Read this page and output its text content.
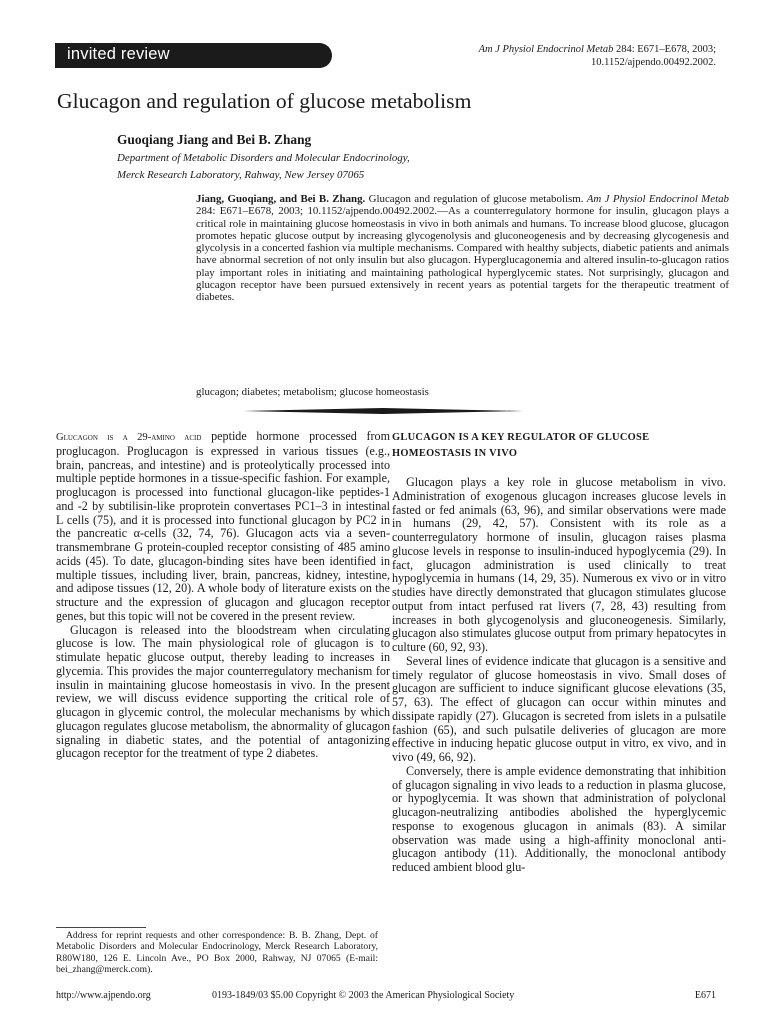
invited review	Am J Physiol Endocrinol Metab 284: E671–E678, 2003;
10.1152/ajpendo.00492.2002.
Glucagon and regulation of glucose metabolism
Guoqiang Jiang and Bei B. Zhang
Department of Metabolic Disorders and Molecular Endocrinology,
Merck Research Laboratory, Rahway, New Jersey 07065
Jiang, Guoqiang, and Bei B. Zhang. Glucagon and regulation of glucose metabolism. Am J Physiol Endocrinol Metab 284: E671–E678, 2003; 10.1152/ajpendo.00492.2002.—As a counterregulatory hormone for insulin, glucagon plays a critical role in maintaining glucose homeostasis in vivo in both animals and humans. To increase blood glucose, glucagon promotes hepatic glucose output by increasing glycogenolysis and gluconeogenesis and by decreasing glycogenesis and glycolysis in a concerted fashion via multiple mechanisms. Compared with healthy subjects, diabetic patients and animals have abnormal secretion of not only insulin but also glucagon. Hyperglucagonemia and altered insulin-to-glucagon ratios play important roles in initiating and maintaining pathological hyperglycemic states. Not surprisingly, glucagon and glucagon receptor have been pursued extensively in recent years as potential targets for the therapeutic treatment of diabetes.
glucagon; diabetes; metabolism; glucose homeostasis

Glucagon is a 29-amino acid peptide hormone processed from proglucagon. Proglucagon is expressed in various tissues (e.g., brain, pancreas, and intestine) and is proteolytically processed into multiple peptide hormones in a tissue-specific fashion. For example, proglucagon is processed into functional glucagon-like peptides-1 and -2 by subtilisin-like proprotein convertases PC1–3 in intestinal L cells (75), and it is processed into functional glucagon by PC2 in the pancreatic α-cells (32, 74, 76). Glucagon acts via a seven-transmembrane G protein-coupled receptor consisting of 485 amino acids (45). To date, glucagon-binding sites have been identified in multiple tissues, including liver, brain, pancreas, kidney, intestine, and adipose tissues (12, 20). A whole body of literature exists on the structure and the expression of glucagon and glucagon receptor genes, but this topic will not be covered in the present review.

Glucagon is released into the bloodstream when circulating glucose is low. The main physiological role of glucagon is to stimulate hepatic glucose output, thereby leading to increases in glycemia. This provides the major counterregulatory mechanism for insulin in maintaining glucose homeostasis in vivo. In the present review, we will discuss evidence supporting the critical role of glucagon in glycemic control, the molecular mechanisms by which glucagon regulates glucose metabolism, the abnormality of glucagon signaling in diabetic states, and the potential of antagonizing glucagon receptor for the treatment of type 2 diabetes.

GLUCAGON IS A KEY REGULATOR OF GLUCOSE
HOMEOSTASIS IN VIVO

Glucagon plays a key role in glucose metabolism in vivo. Administration of exogenous glucagon increases glucose levels in fasted or fed animals (63, 96), and similar observations were made in humans (29, 42, 57). Consistent with its role as a counterregulatory hormone of insulin, glucagon raises plasma glucose levels in response to insulin-induced hypoglycemia (29). In fact, glucagon administration is used clinically to treat hypoglycemia in humans (14, 29, 35). Numerous ex vivo or in vitro studies have directly demonstrated that glucagon stimulates glucose output from intact perfused rat livers (7, 28, 43) resulting from increases in both glycogenolysis and gluconeogenesis. Similarly, glucagon also stimulates glucose output from primary hepatocytes in culture (60, 92, 93).

Several lines of evidence indicate that glucagon is a sensitive and timely regulator of glucose homeostasis in vivo. Small doses of glucagon are sufficient to induce significant glucose elevations (35, 57, 63). The effect of glucagon can occur within minutes and dissipate rapidly (27). Glucagon is secreted from islets in a pulsatile fashion (65), and such pulsatile deliveries of glucagon are more effective in inducing hepatic glucose output in vitro, ex vivo, and in vivo (49, 66, 92).

Conversely, there is ample evidence demonstrating that inhibition of glucagon signaling in vivo leads to a reduction in plasma glucose, or hypoglycemia. It was shown that administration of polyclonal glucagon-neutralizing antibodies abolished the hyperglycemic response to exogenous glucagon in animals (83). A similar observation was made using a high-affinity monoclonal anti-glucagon antibody (11). Additionally, the monoclonal antibody reduced ambient blood glu-

Address for reprint requests and other correspondence: B. B. Zhang, Dept. of Metabolic Disorders and Molecular Endocrinology, Merck Research Laboratory, R80W180, 126 E. Lincoln Ave., PO Box 2000, Rahway, NJ 07065 (E-mail: bei_zhang@merck.com).
http://www.ajpendo.org	0193-1849/03 $5.00 Copyright © 2003 the American Physiological Society	E671
